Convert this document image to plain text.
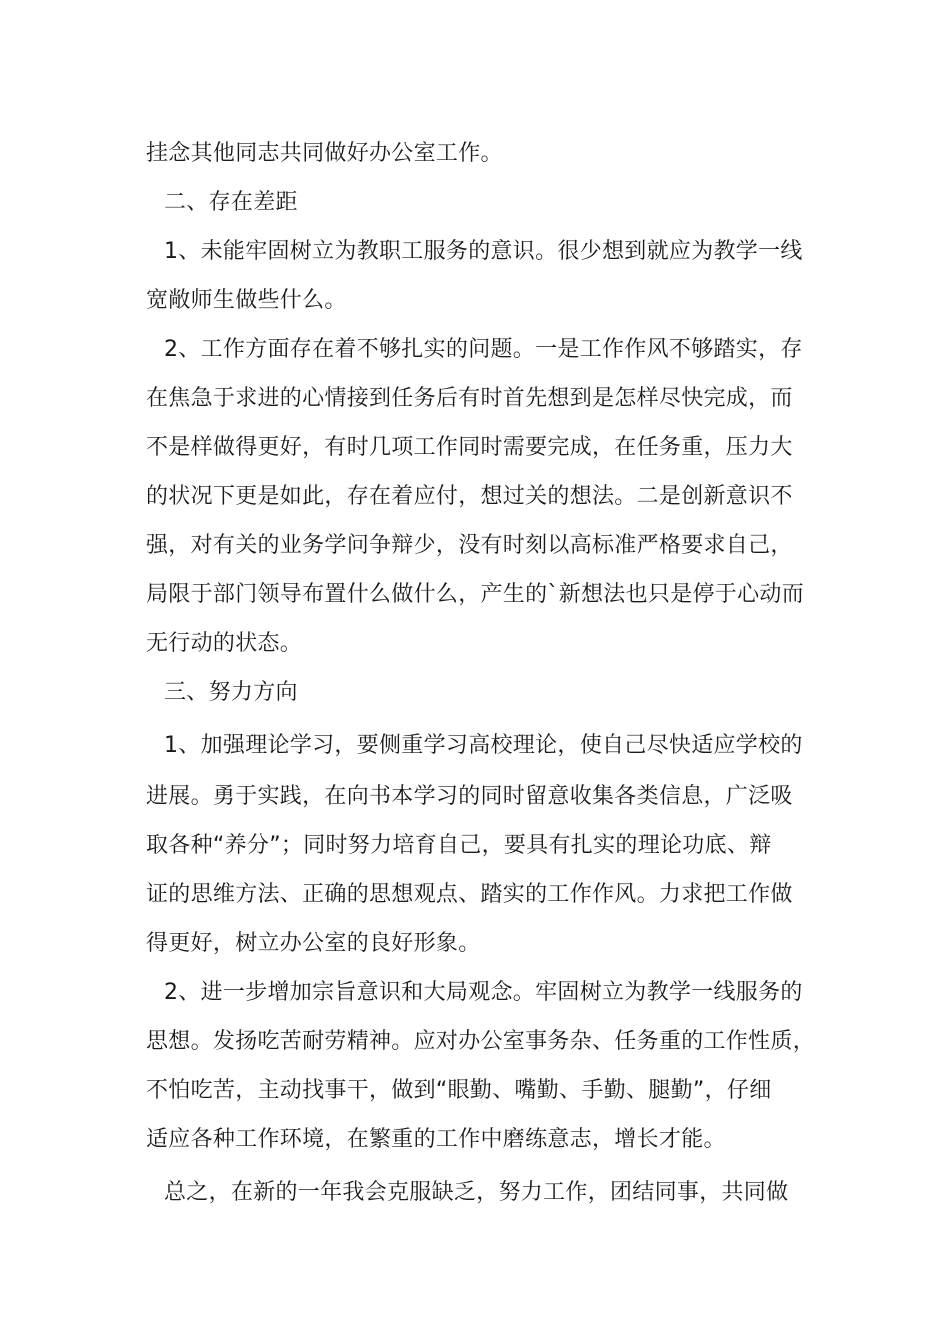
挂念其他同志共同做好办公室工作。
二、存在差距
1、未能牢固树立为教职工服务的意识。很少想到就应为教学一线
宽敞师生做些什么。
2、工作方面存在着不够扎实的问题。一是工作作风不够踏实，存
在焦急于求进的心情接到任务后有时首先想到是怎样尽快完成，而
不是样做得更好，有时几项工作同时需要完成，在任务重，压力大
的状况下更是如此，存在着应付，想过关的想法。二是创新意识不
强，对有关的业务学问争辩少，没有时刻以高标准严格要求自己，
局限于部门领导布置什么做什么，产生的`新想法也只是停于心动而
无行动的状态。
三、努力方向
1、加强理论学习，要侧重学习高校理论，使自己尽快适应学校的
进展。勇于实践，在向书本学习的同时留意收集各类信息，广泛吸
取各种“养分”；同时努力培育自己，要具有扎实的理论功底、辩
证的思维方法、正确的思想观点、踏实的工作作风。力求把工作做
得更好，树立办公室的良好形象。
2、进一步增加宗旨意识和大局观念。牢固树立为教学一线服务的
思想。发扬吃苦耐劳精神。应对办公室事务杂、任务重的工作性质，
不怕吃苦，主动找事干，做到“眼勤、嘴勤、手勤、腿勤”，仔细
适应各种工作环境，在繁重的工作中磨练意志，增长才能。
总之，在新的一年我会克服缺乏，努力工作，团结同事，共同做
